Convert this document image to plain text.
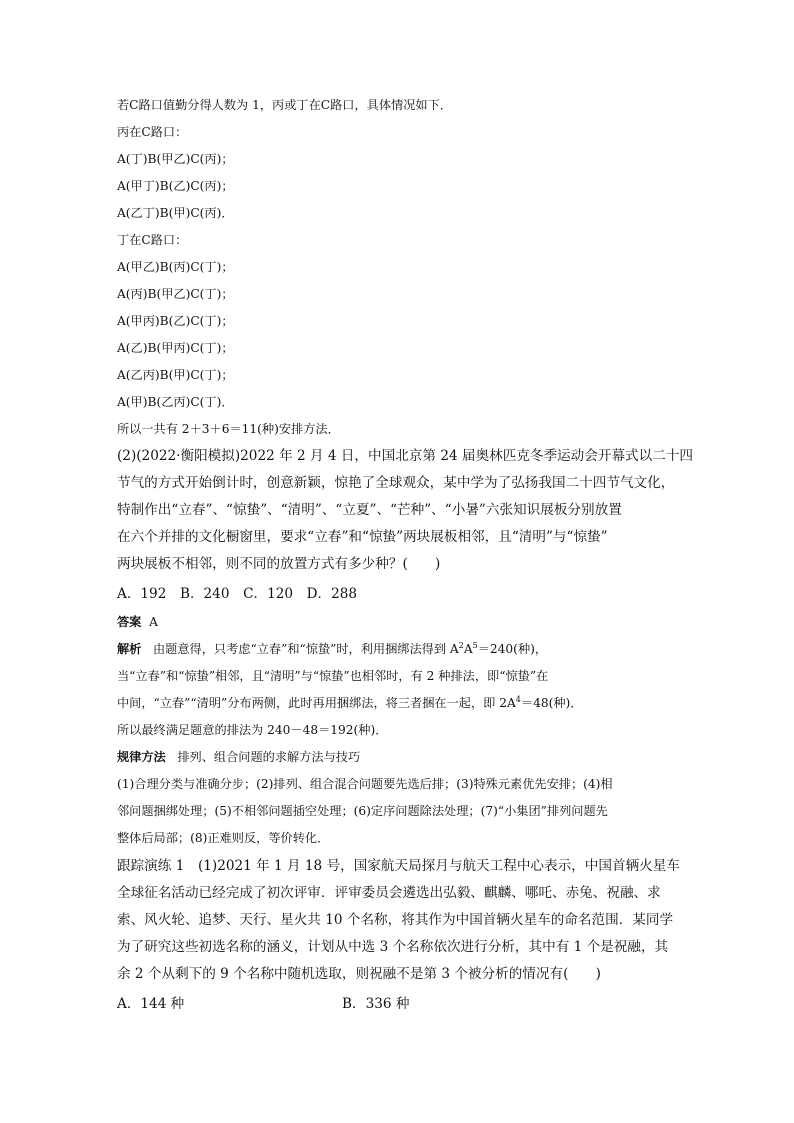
若C路口值勤分得人数为 1，丙或丁在C路口，具体情况如下．
丙在C路口：
A(丁)B(甲乙)C(丙)；
A(甲丁)B(乙)C(丙)；
A(乙丁)B(甲)C(丙)．
丁在C路口：
A(甲乙)B(丙)C(丁)；
A(丙)B(甲乙)C(丁)；
A(甲丙)B(乙)C(丁)；
A(乙)B(甲丙)C(丁)；
A(乙丙)B(甲)C(丁)；
A(甲)B(乙丙)C(丁)．
所以一共有 2＋3＋6＝11(种)安排方法．
(2)(2022·衡阳模拟)2022 年 2 月 4 日，中国北京第 24 届奥林匹克冬季运动会开幕式以二十四
节气的方式开始倒计时，创意新颖，惊艳了全球观众，某中学为了弘扬我国二十四节气文化，
特制作出“立春”、“惊蛰”、“清明”、“立夏”、“芒种”、“小暑”六张知识展板分别放置
在六个并排的文化橱窗里，要求“立春”和“惊蛰”两块展板相邻，且“清明”与“惊蛰”
两块展板不相邻，则不同的放置方式有多少种？(　　)
A．192　B．240　C．120　D．288
答案 A
解析 由题意得，只考虑“立春”和“惊蛰”时，利用捆绑法得到 $A^2A^5=240$(种)，
当“立春”和“惊蛰”相邻，且“清明”与“惊蛰”也相邻时，有 2 种排法，即“惊蛰”在
中间，“立春”“清明”分布两侧，此时再用捆绑法，将三者捆在一起，即 $2A^4=48$(种)．
所以最终满足题意的排法为 240－48＝192(种)．
规律方法 排列、组合问题的求解方法与技巧
(1)合理分类与准确分步；(2)排列、组合混合问题要先选后排；(3)特殊元素优先安排；(4)相
邻问题捆绑处理；(5)不相邻问题插空处理；(6)定序问题除法处理；(7)“小集团”排列问题先
整体后局部；(8)正难则反，等价转化．
跟踪演练 1　(1)2021 年 1 月 18 号，国家航天局探月与航天工程中心表示，中国首辆火星车
全球征名活动已经完成了初次评审．评审委员会遴选出弘毅、麒麟、哪吒、赤兔、祝融、求
索、风火轮、追梦、天行、星火共 10 个名称，将其作为中国首辆火星车的命名范围．某同学
为了研究这些初选名称的涵义，计划从中选 3 个名称依次进行分析，其中有 1 个是祝融，其
余 2 个从剩下的 9 个名称中随机选取，则祝融不是第 3 个被分析的情况有(　　)
A．144 种	B．336 种
